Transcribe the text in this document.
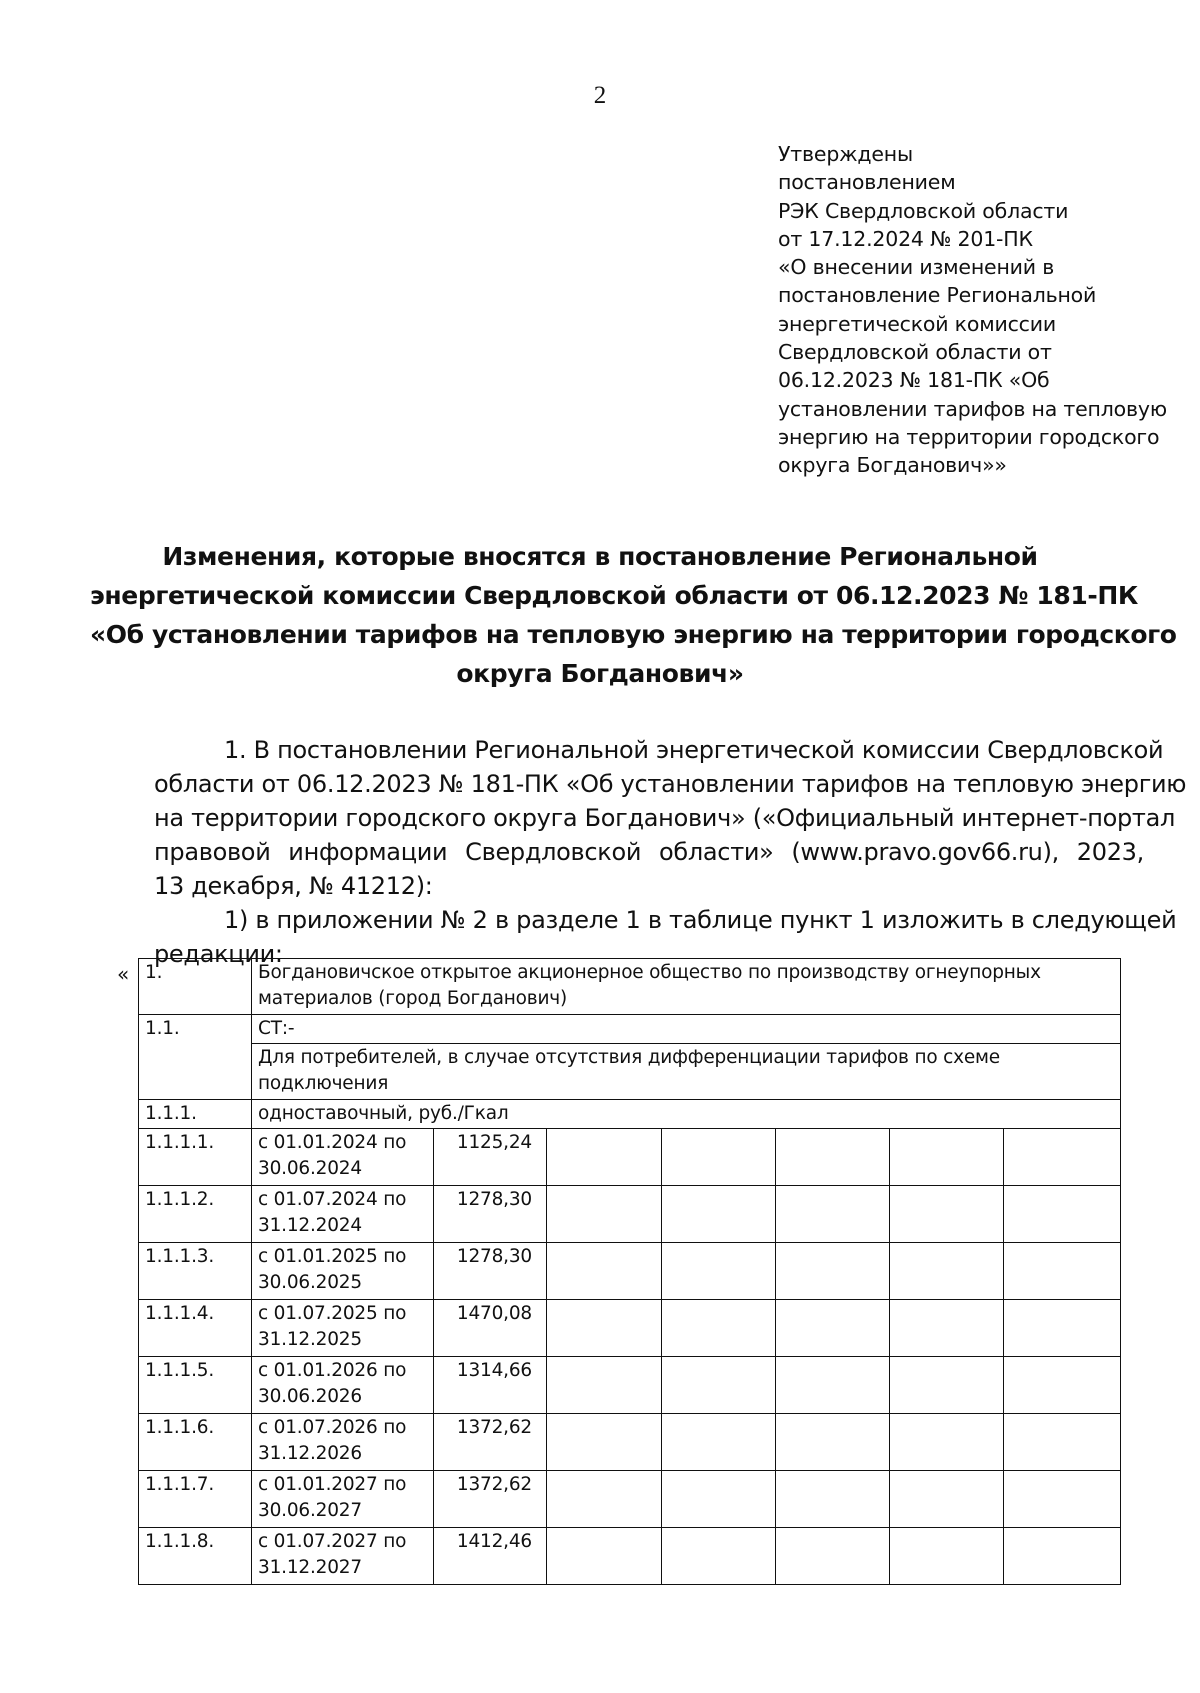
2
Утверждены
постановлением
РЭК Свердловской области
от 17.12.2024 № 201-ПК
«О внесении изменений в
постановление Региональной
энергетической комиссии
Свердловской области от
06.12.2023 № 181-ПК «Об
установлении тарифов на тепловую
энергию на территории городского
округа Богданович»»
Изменения, которые вносятся в постановление Региональной
энергетической комиссии Свердловской области от 06.12.2023 № 181-ПК
«Об установлении тарифов на тепловую энергию на территории городского
округа Богданович»
1. В постановлении Региональной энергетической комиссии Свердловской
области от 06.12.2023 № 181-ПК «Об установлении тарифов на тепловую энергию
на территории городского округа Богданович» («Официальный интернет-портал
правовой информации Свердловской области» (www.pravo.gov66.ru), 2023,
13 декабря, № 41212):
1) в приложении № 2 в разделе 1 в таблице пункт 1 изложить в следующей
редакции:
« 1.	Богдановичское открытое акционерное общество по производству огнеупорных материалов (город Богданович)						
1.1.	СТ:-						
	Для потребителей, в случае отсутствия дифференциации тарифов по схеме подключения						
1.1.1.	одноставочный, руб./Гкал						
1.1.1.1.	с 01.01.2024 по 30.06.2024	1125,24					
1.1.1.2.	с 01.07.2024 по 31.12.2024	1278,30					
1.1.1.3.	с 01.01.2025 по 30.06.2025	1278,30					
1.1.1.4.	с 01.07.2025 по 31.12.2025	1470,08					
1.1.1.5.	с 01.01.2026 по 30.06.2026	1314,66					
1.1.1.6.	с 01.07.2026 по 31.12.2026	1372,62					
1.1.1.7.	с 01.01.2027 по 30.06.2027	1372,62					
1.1.1.8.	с 01.07.2027 по 31.12.2027	1412,46					
